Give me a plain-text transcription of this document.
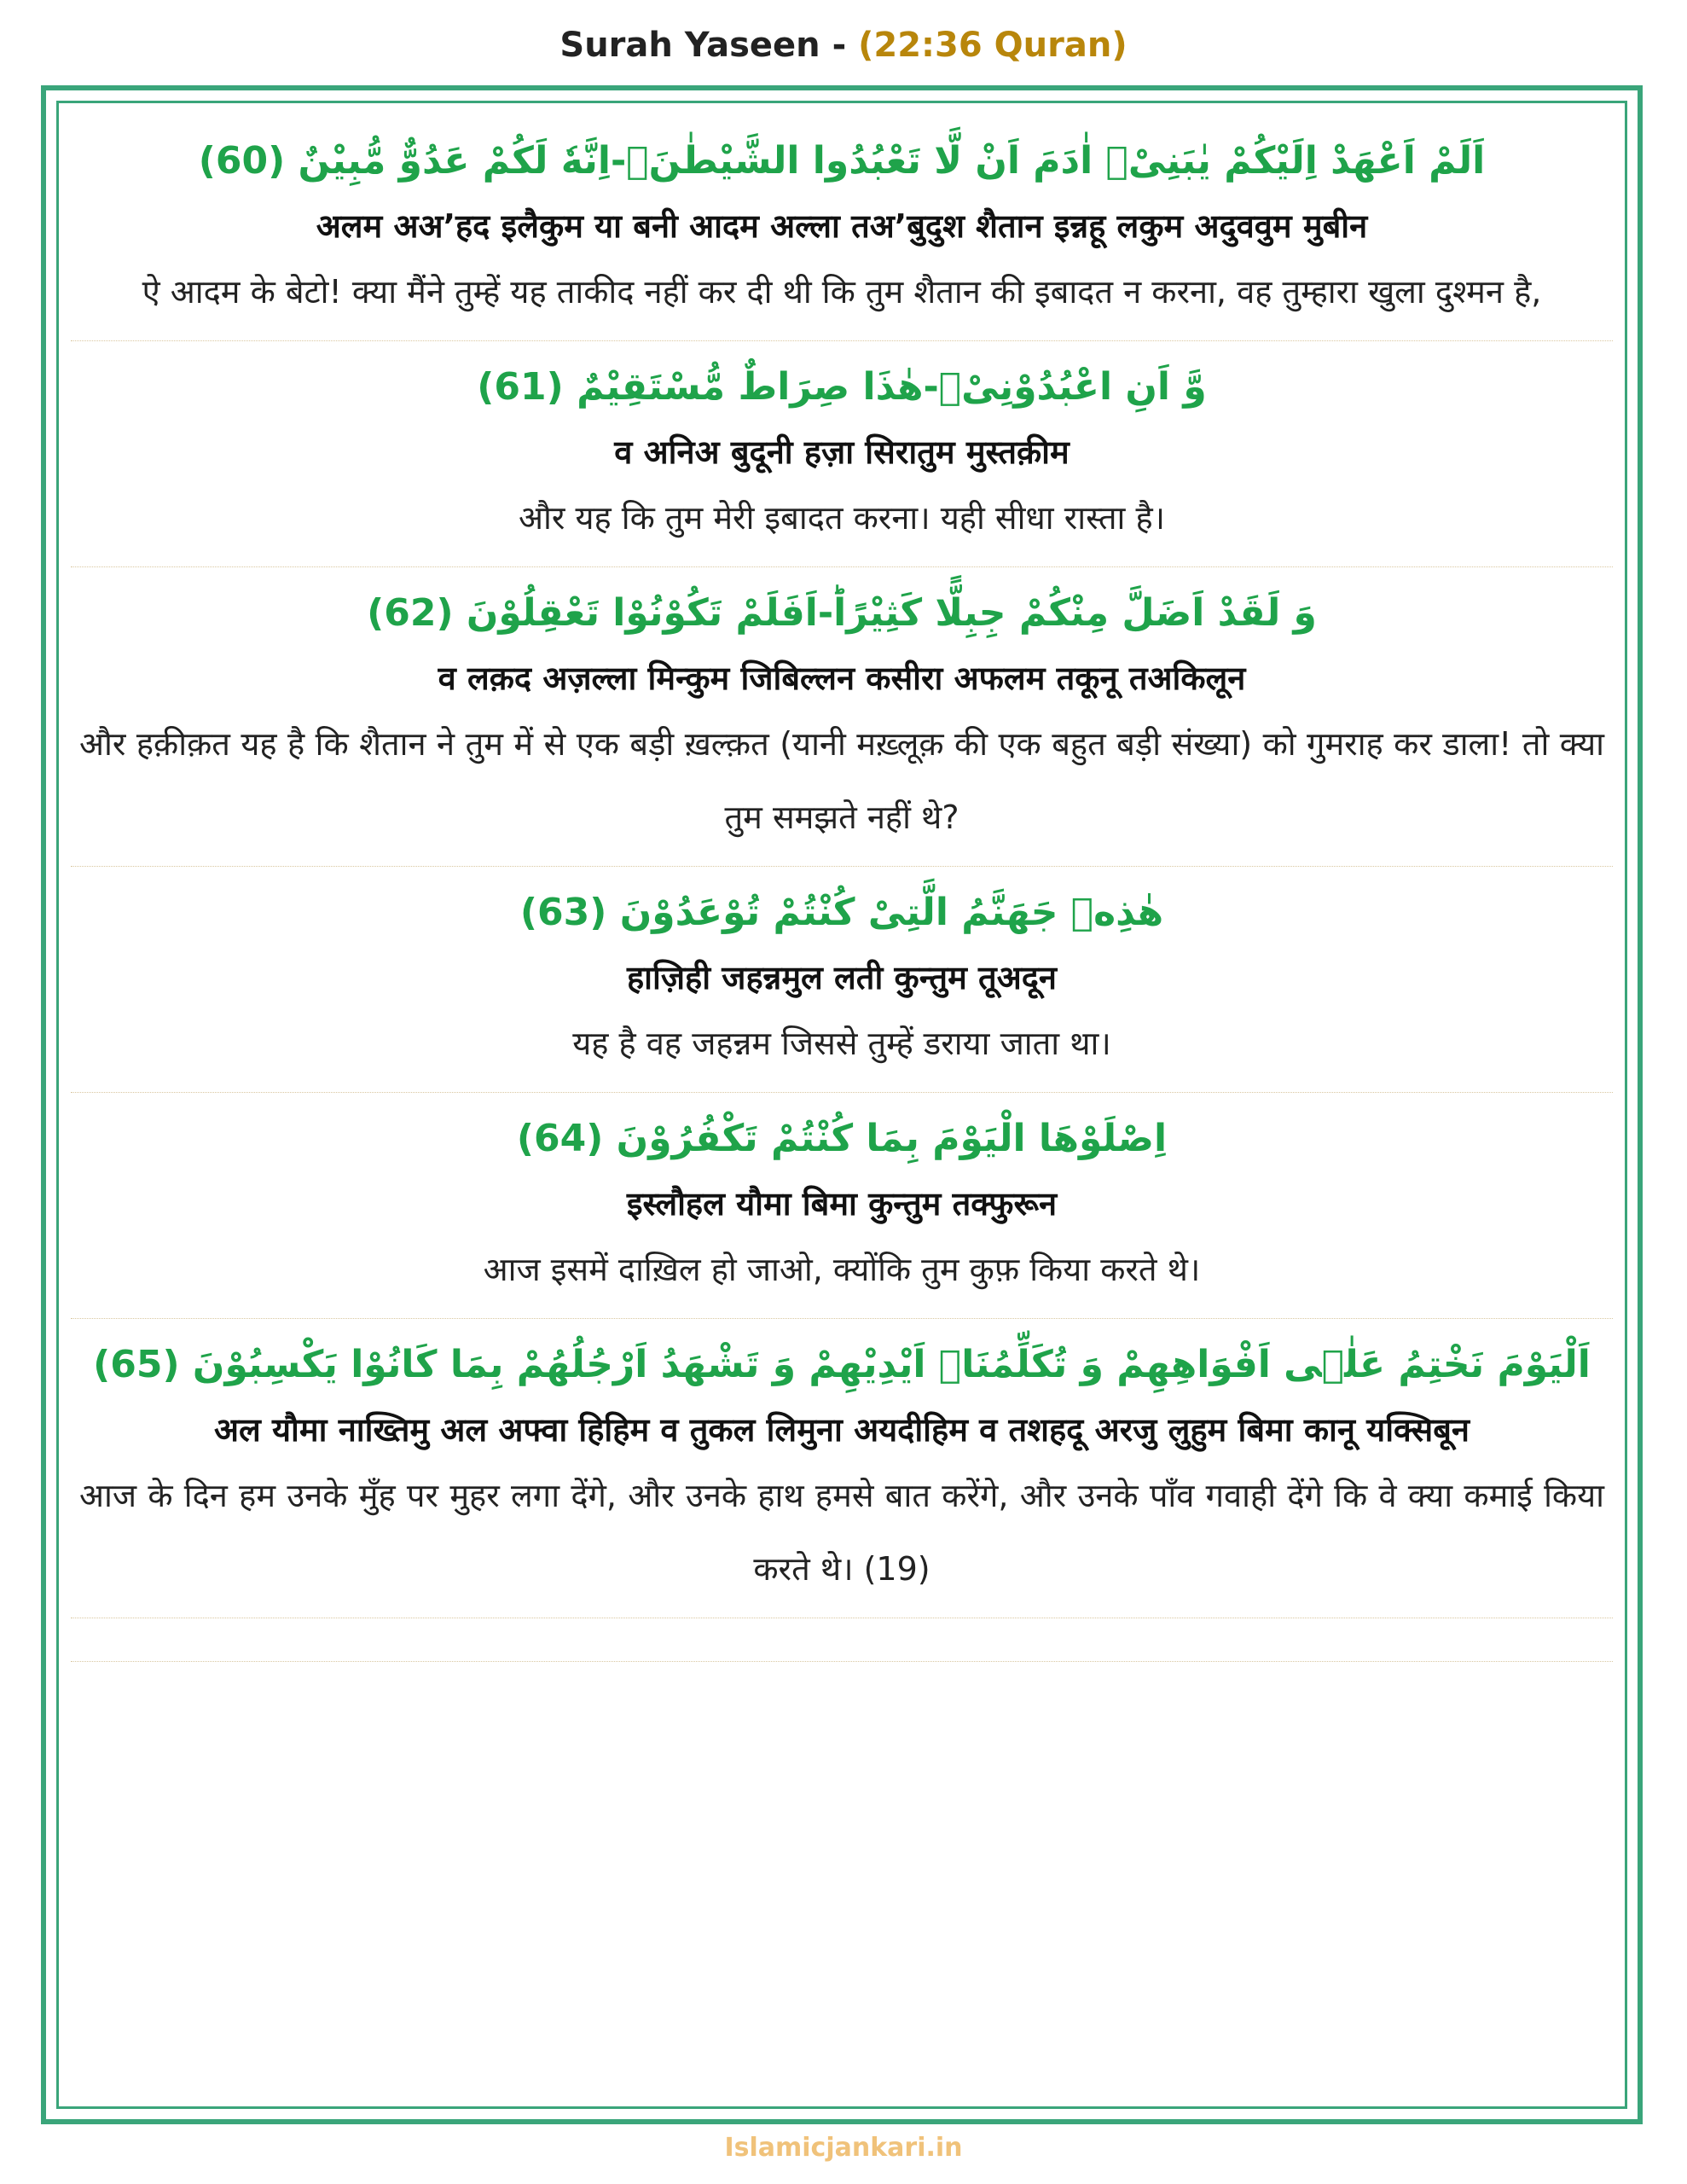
Surah Yaseen - (22:36 Quran)
اَلَمْ اَعْهَدْ اِلَیْكُمْ یٰبَنِیْۤ اٰدَمَ اَنْ لَّا تَعْبُدُوا الشَّیْطٰنَۚ-اِنَّهٗ لَكُمْ عَدُوٌّ مُّبِیْنٌ (60)
अलम अअ’हद इलैकुम या बनी आदम अल्ला तअ’बुदुश शैतान इन्नहू लकुम अदुववुम मुबीन
ऐ आदम के बेटो! क्या मैंने तुम्हें यह ताकीद नहीं कर दी थी कि तुम शैतान की इबादत न करना, वह तुम्हारा खुला दुश्मन है,
وَّ اَنِ اعْبُدُوْنِیْؔ-هٰذَا صِرَاطٌ مُّسْتَقِیْمٌ (61)
व अनिअ बुदूनी हज़ा सिरातुम मुस्तक़ीम
और यह कि तुम मेरी इबादत करना। यही सीधा रास्ता है।
وَ لَقَدْ اَضَلَّ مِنْكُمْ جِبِلًّا كَثِیْرًاؕ-اَفَلَمْ تَكُوْنُوْا تَعْقِلُوْنَ (62)
व लक़द अज़ल्ला मिन्कुम जिबिल्लन कसीरा अफलम तकूनू तअकिलून
और हक़ीक़त यह है कि शैतान ने तुम में से एक बड़ी ख़ल्क़त (यानी मख़्लूक़ की एक बहुत बड़ी संख्या) को गुमराह कर डाला! तो क्या तुम समझते नहीं थे?
هٰذِهٖ جَهَنَّمُ الَّتِیْ كُنْتُمْ تُوْعَدُوْنَ (63)
हाज़िही जहन्नमुल लती कुन्तुम तूअदून
यह है वह जहन्नम जिससे तुम्हें डराया जाता था।
اِصْلَوْهَا الْیَوْمَ بِمَا كُنْتُمْ تَكْفُرُوْنَ (64)
इस्लौहल यौमा बिमा कुन्तुम तक्फुरून
आज इसमें दाख़िल हो जाओ, क्योंकि तुम कुफ़ किया करते थे।
اَلْیَوْمَ نَخْتِمُ عَلٰۤى اَفْوَاهِهِمْ وَ تُكَلِّمُنَاۤ اَیْدِیْهِمْ وَ تَشْهَدُ اَرْجُلُهُمْ بِمَا كَانُوْا یَكْسِبُوْنَ (65)
अल यौमा नाख्तिमु अल अफ्वा हिहिम व तुकल लिमुना अयदीहिम व तशहदू अरजु लुहुम बिमा कानू यक्सिबून
आज के दिन हम उनके मुँह पर मुहर लगा देंगे, और उनके हाथ हमसे बात करेंगे, और उनके पाँव गवाही देंगे कि वे क्या कमाई किया करते थे। (19)
Islamicjankari.in
